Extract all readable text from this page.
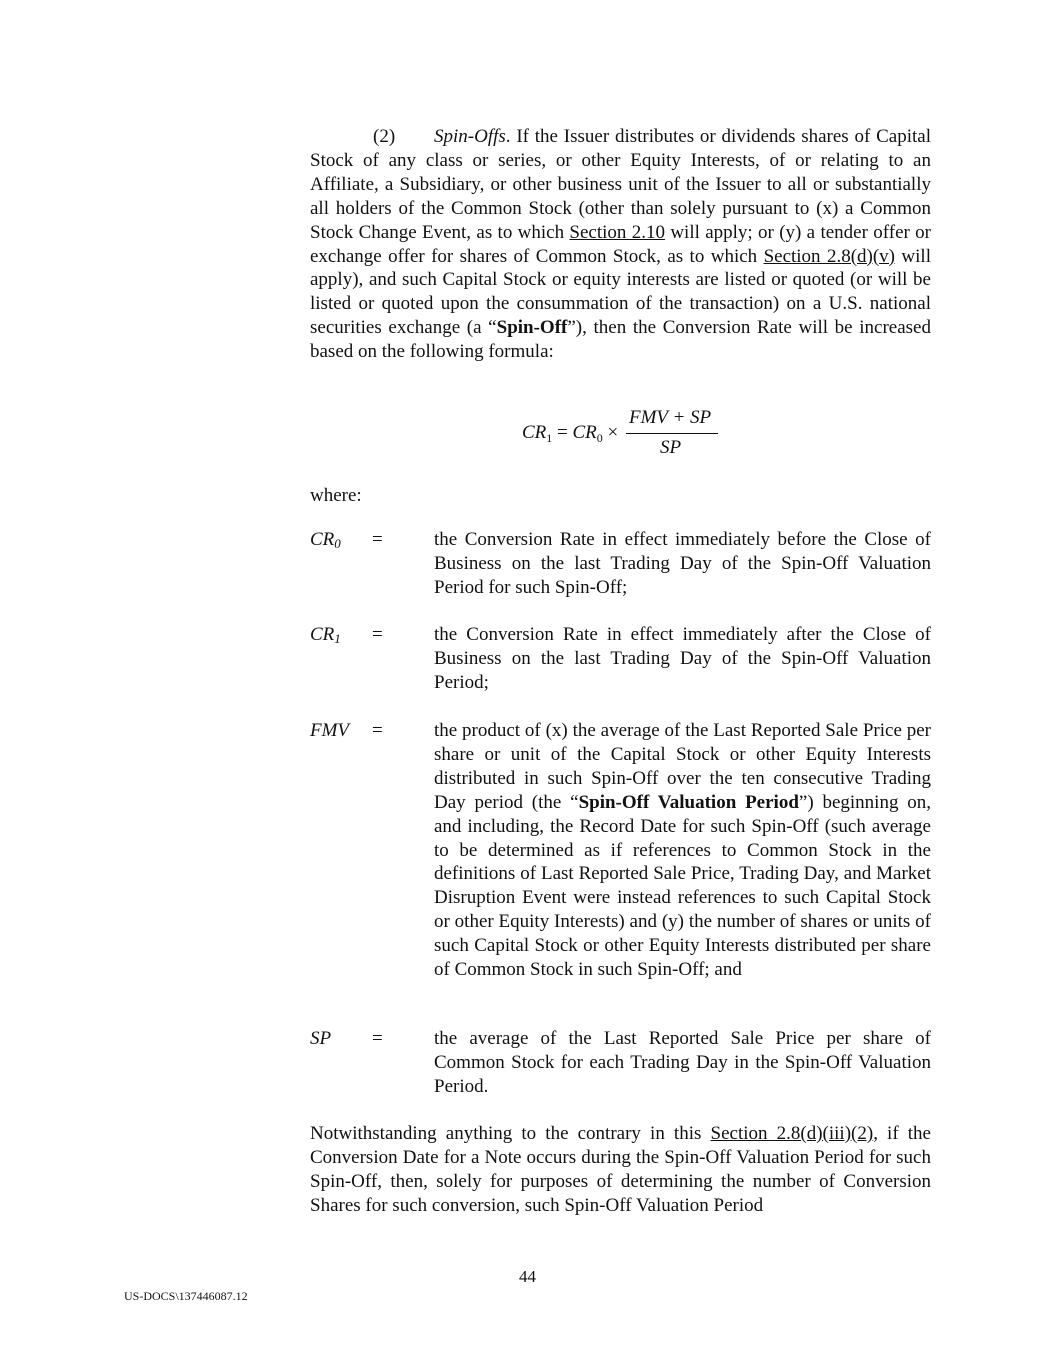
(2) Spin-Offs. If the Issuer distributes or dividends shares of Capital Stock of any class or series, or other Equity Interests, of or relating to an Affiliate, a Subsidiary, or other business unit of the Issuer to all or substantially all holders of the Common Stock (other than solely pursuant to (x) a Common Stock Change Event, as to which Section 2.10 will apply; or (y) a tender offer or exchange offer for shares of Common Stock, as to which Section 2.8(d)(v) will apply), and such Capital Stock or equity interests are listed or quoted (or will be listed or quoted upon the consummation of the transaction) on a U.S. national securities exchange (a “Spin-Off”), then the Conversion Rate will be increased based on the following formula:
$CR_1 = CR_0$ ×
FMV + SP
SP
where:
CR0 =	the Conversion Rate in effect immediately before the Close of Business on the last Trading Day of the Spin-Off Valuation Period for such Spin-Off;
CR1 =	the Conversion Rate in effect immediately after the Close of Business on the last Trading Day of the Spin-Off Valuation Period;
FMV =	the product of (x) the average of the Last Reported Sale Price per share or unit of the Capital Stock or other Equity Interests distributed in such Spin-Off over the ten consecutive Trading Day period (the “Spin-Off Valuation Period”) beginning on, and including, the Record Date for such Spin-Off (such average to be determined as if references to Common Stock in the definitions of Last Reported Sale Price, Trading Day, and Market Disruption Event were instead references to such Capital Stock or other Equity Interests) and (y) the number of shares or units of such Capital Stock or other Equity Interests distributed per share of Common Stock in such Spin-Off; and
SP =	the average of the Last Reported Sale Price per share of Common Stock for each Trading Day in the Spin-Off Valuation Period.
Notwithstanding anything to the contrary in this Section 2.8(d)(iii)(2), if the Conversion Date for a Note occurs during the Spin-Off Valuation Period for such Spin-Off, then, solely for purposes of determining the number of Conversion Shares for such conversion, such Spin-Off Valuation Period
44
US-DOCS\137446087.12
